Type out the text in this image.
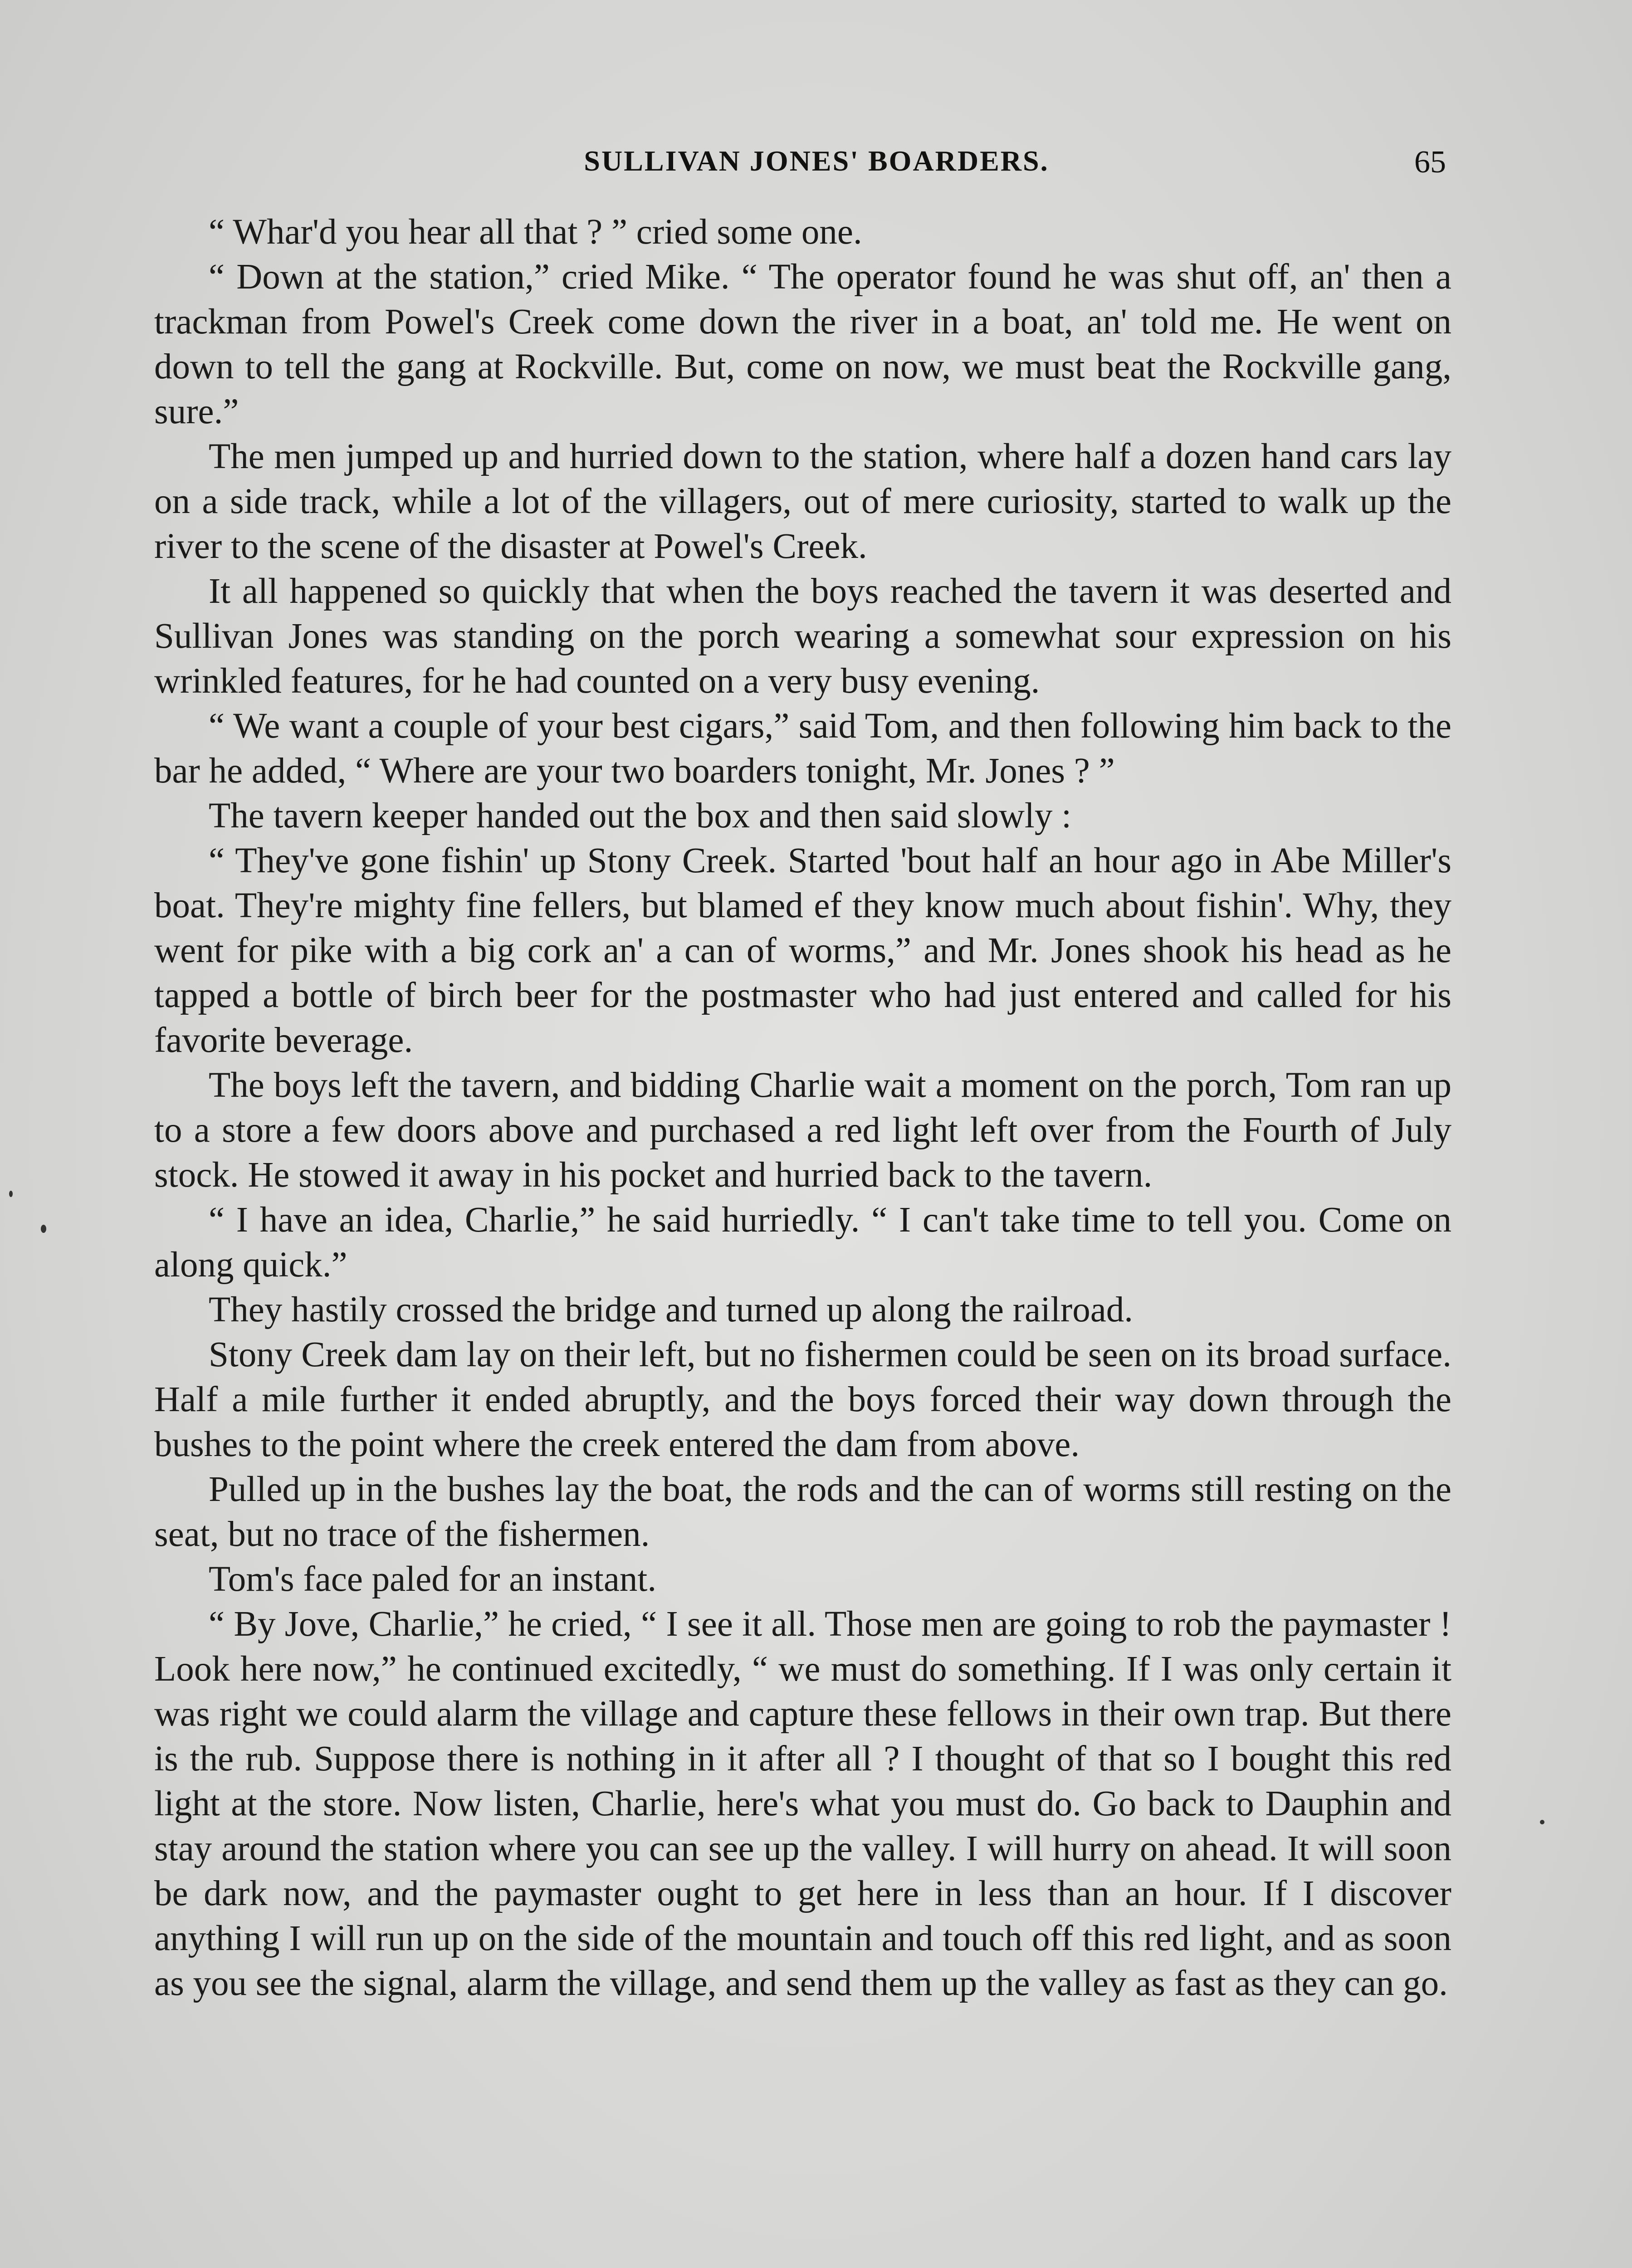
SULLIVAN JONES' BOARDERS.	65

“ Whar'd you hear all that ? ” cried some one.

“ Down at the station,” cried Mike. “ The operator found he was shut off, an' then a trackman from Powel's Creek come down the river in a boat, an' told me. He went on down to tell the gang at Rockville. But, come on now, we must beat the Rockville gang, sure.”

The men jumped up and hurried down to the station, where half a dozen hand cars lay on a side track, while a lot of the villagers, out of mere curiosity, started to walk up the river to the scene of the disaster at Powel's Creek.

It all happened so quickly that when the boys reached the tavern it was deserted and Sullivan Jones was standing on the porch wearing a somewhat sour expression on his wrinkled features, for he had counted on a very busy evening.

“ We want a couple of your best cigars,” said Tom, and then following him back to the bar he added, “ Where are your two boarders tonight, Mr. Jones ? ”

The tavern keeper handed out the box and then said slowly :

“ They've gone fishin' up Stony Creek. Started 'bout half an hour ago in Abe Miller's boat. They're mighty fine fellers, but blamed ef they know much about fishin'. Why, they went for pike with a big cork an' a can of worms,” and Mr. Jones shook his head as he tapped a bottle of birch beer for the postmaster who had just entered and called for his favorite beverage.

The boys left the tavern, and bidding Charlie wait a moment on the porch, Tom ran up to a store a few doors above and purchased a red light left over from the Fourth of July stock. He stowed it away in his pocket and hurried back to the tavern.

“ I have an idea, Charlie,” he said hurriedly. “ I can't take time to tell you. Come on along quick.”

They hastily crossed the bridge and turned up along the railroad.

Stony Creek dam lay on their left, but no fishermen could be seen on its broad surface. Half a mile further it ended abruptly, and the boys forced their way down through the bushes to the point where the creek entered the dam from above.

Pulled up in the bushes lay the boat, the rods and the can of worms still resting on the seat, but no trace of the fishermen.

Tom's face paled for an instant.

“ By Jove, Charlie,” he cried, “ I see it all. Those men are going to rob the paymaster ! Look here now,” he continued excitedly, “ we must do something. If I was only certain it was right we could alarm the village and capture these fellows in their own trap. But there is the rub. Suppose there is nothing in it after all ? I thought of that so I bought this red light at the store. Now listen, Charlie, here's what you must do. Go back to Dauphin and stay around the station where you can see up the valley. I will hurry on ahead. It will soon be dark now, and the paymaster ought to get here in less than an hour. If I discover anything I will run up on the side of the mountain and touch off this red light, and as soon as you see the signal, alarm the village, and send them up the valley as fast as they can go.
